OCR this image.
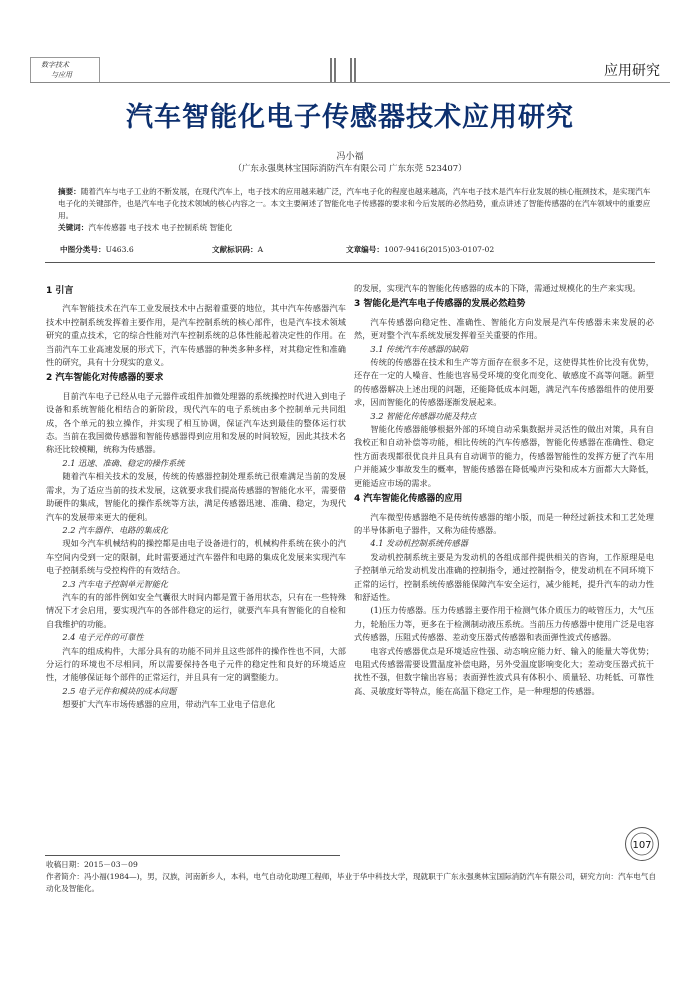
数字技术
与应用	应用研究
汽车智能化电子传感器技术应用研究
冯小福
（广东永强奥林宝国际消防汽车有限公司 广东东莞 523407）
摘要：随着汽车与电子工业的不断发展，在现代汽车上，电子技术的应用越来越广泛，汽车电子化的程度也越来越高，汽车电子技术是汽车行业发展的核心瓶颈技术，是实现汽车电子化的关键部件，也是汽车电子化技术领域的核心内容之一。本文主要阐述了智能化电子传感器的要求和今后发展的必然趋势，重点讲述了智能传感器的在汽车领域中的重要应用。
关键词：汽车传感器 电子技术 电子控制系统 智能化
中图分类号：U463.6	文献标识码：A	文章编号：1007-9416(2015)03-0107-02
1 引言

汽车智能技术在汽车工业发展技术中占据着重要的地位，其中汽车传感器汽车技术中控制系统发挥着主要作用，是汽车控制系统的核心部件，也是汽车技术领域研究的重点技术，它的综合性能对汽车控制系统的总体性能起着决定性的作用。在当前汽车工业高速发展的形式下，汽车传感器的种类多种多样，对其稳定性和准确性的研究，具有十分现实的意义。

2 汽车智能化对传感器的要求

目前汽车电子已经从电子元器件或组件加微处理器的系统操控时代进入到电子设备和系统智能化相结合的新阶段，现代汽车的电子系统由多个控制单元共同组成，各个单元的独立操作，并实现了相互协调，保证汽车达到最佳的整体运行状态。当前在我国微传感器和智能传感器得到应用和发展的时间较短，因此其技术名称还比较模糊，统称为传感器。

2.1 迅速、准确、稳定的操作系统

随着汽车相关技术的发展，传统的传感器控制处理系统已很难满足当前的发展需求，为了适应当前的技术发展，这就要求我们提高传感器的智能化水平，需要借助硬件的集成，智能化的操作系统等方法，满足传感器迅速、准确、稳定，为现代汽车的发展带来更大的便利。

2.2 汽车器件、电路的集成化

现如今汽车机械结构的操控都是由电子设备进行的，机械构件系统在狭小的汽车空间内受到一定的限制，此时需要通过汽车器件和电路的集成化发展来实现汽车电子控制系统与受控构件的有效结合。

2.3 汽车电子控制单元智能化

汽车的有的部件例如安全气囊很大时间内都是置于备用状态，只有在一些特殊情况下才会启用，要实现汽车的各部件稳定的运行，就要汽车具有智能化的自检和自我维护的功能。

2.4 电子元件的可靠性

汽车的组成构件，大部分具有的功能不同并且这些部件的操作性也不同，大部分运行的环境也不尽相同，所以需要保持各电子元件的稳定性和良好的环境适应性，才能够保证每个部件的正常运行，并且具有一定的调整能力。

2.5 电子元件和模块的成本问题

想要扩大汽车市场传感器的应用，带动汽车工业电子信息化

的发展，实现汽车的智能化传感器的成本的下降，需通过规模化的生产来实现。

3 智能化是汽车电子传感器的发展必然趋势

汽车传感器向稳定性、准确性、智能化方向发展是汽车传感器未来发展的必然，更对整个汽车系统发展发挥着至关重要的作用。

3.1 传统汽车传感器的缺陷

传统的传感器在技术和生产等方面存在很多不足，这使得其性价比没有优势，还存在一定的人噪音、性能也容易受环境的变化而变化、敏感度不高等问题。新型的传感器解决上述出现的问题，还能降低成本问题，满足汽车传感器组件的使用要求，因而智能化的传感器逐渐发展起来。

3.2 智能化传感器功能及特点

智能化传感器能够根据外部的环境自动采集数据并灵活性的做出对策，具有自我校正和自动补偿等功能，相比传统的汽车传感器，智能化传感器在准确性、稳定性方面表现都很优良并且具有自动调节的能力，传感器智能性的发挥方便了汽车用户并能减少事故发生的概率，智能传感器在降低噪声污染和成本方面都大大降低，更能适应市场的需求。

4 汽车智能化传感器的应用

汽车微型传感器绝不是传统传感器的缩小版，而是一种经过新技术和工艺处理的半导体新电子器件，又称为硅传感器。

4.1 发动机控制系统传感器

发动机控制系统主要是为发动机的各组成部件提供相关的咨询，工作原理是电子控制单元给发动机发出准确的控制指令，通过控制指令，使发动机在不同环境下正常的运行，控制系统传感器能保障汽车安全运行，减少能耗，提升汽车的动力性和舒适性。

(1)压力传感器。压力传感器主要作用于检测气体介质压力的岐管压力，大气压力，轮胎压力等，更多在于检测制动液压系统。当前压力传感器中使用广泛是电容式传感器，压阻式传感器、差动变压器式传感器和表面弹性波式传感器。

电容式传感器优点是环境适应性强、动态响应能力好、输入的能量大等优势；电阻式传感器需要设置温度补偿电路，另外受温度影响变化大；差动变压器式抗干扰性不强，但数字输出容易；表面弹性波式具有体积小、质量轻、功耗低、可靠性高、灵敏度好等特点，能在高温下稳定工作，是一种理想的传感器。

收稿日期：2015－03－09
作者简介：冯小福(1984—)，男，汉族，河南新乡人，本科，电气自动化助理工程师，毕业于华中科技大学，现就职于广东永强奥林宝国际消防汽车有限公司，研究方向：汽车电气自动化及智能化。
107
